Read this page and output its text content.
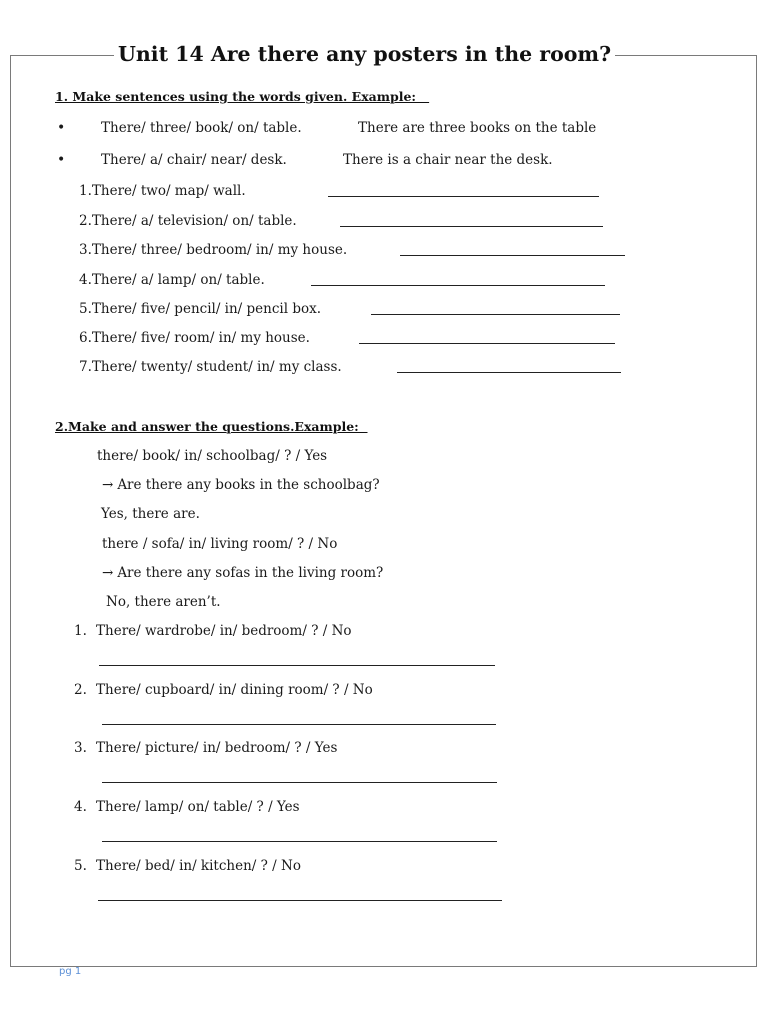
Unit 14 Are there any posters in the room?

1. Make sentences using the words given. Example:

•	There/ three/ book/ on/ table.	There are three books on the table
•	There/ a/ chair/ near/ desk.	There is a chair near the desk.
1.There/ two/ map/ wall.
2.There/ a/ television/ on/ table.
3.There/ three/ bedroom/ in/ my house.
4.There/ a/ lamp/ on/ table.
5.There/ five/ pencil/ in/ pencil box.
6.There/ five/ room/ in/ my house.
7.There/ twenty/ student/ in/ my class.

2.Make and answer the questions.Example:

there/ book/ in/ schoolbag/ ? / Yes
→ Are there any books in the schoolbag?
Yes, there are.
there / sofa/ in/ living room/ ? / No
→ Are there any sofas in the living room?
No, there aren’t.
1. There/ wardrobe/ in/ bedroom/ ? / No
2. There/ cupboard/ in/ dining room/ ? / No
3. There/ picture/ in/ bedroom/ ? / Yes
4. There/ lamp/ on/ table/ ? / Yes
5. There/ bed/ in/ kitchen/ ? / No
pg 1
